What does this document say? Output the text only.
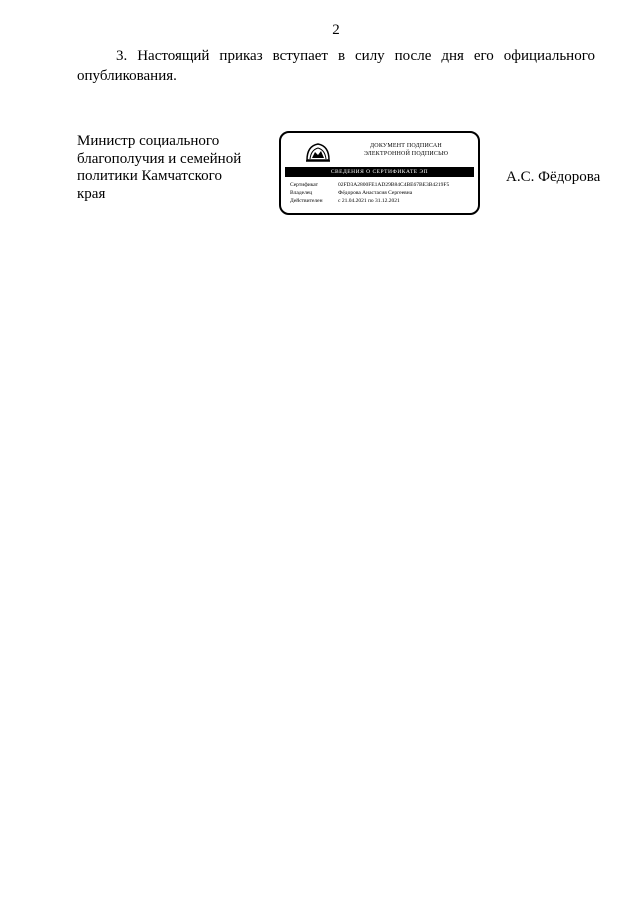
2
3. Настоящий приказ вступает в силу после дня его официального опубликования.
Министр социального
благополучия и семейной
политики Камчатского
края
ДОКУМЕНТ ПОДПИСАН
ЭЛЕКТРОННОЙ ПОДПИСЬЮ
СВЕДЕНИЯ О СЕРТИФИКАТЕ ЭП
Сертификат	02FD3A2800FE1AD29B84C4BE67BE3B4219F5
Владелец	Фёдорова Анастасия Сергеевна
Действителен	с 21.04.2021 по 31.12.2021
А.С. Фёдорова
